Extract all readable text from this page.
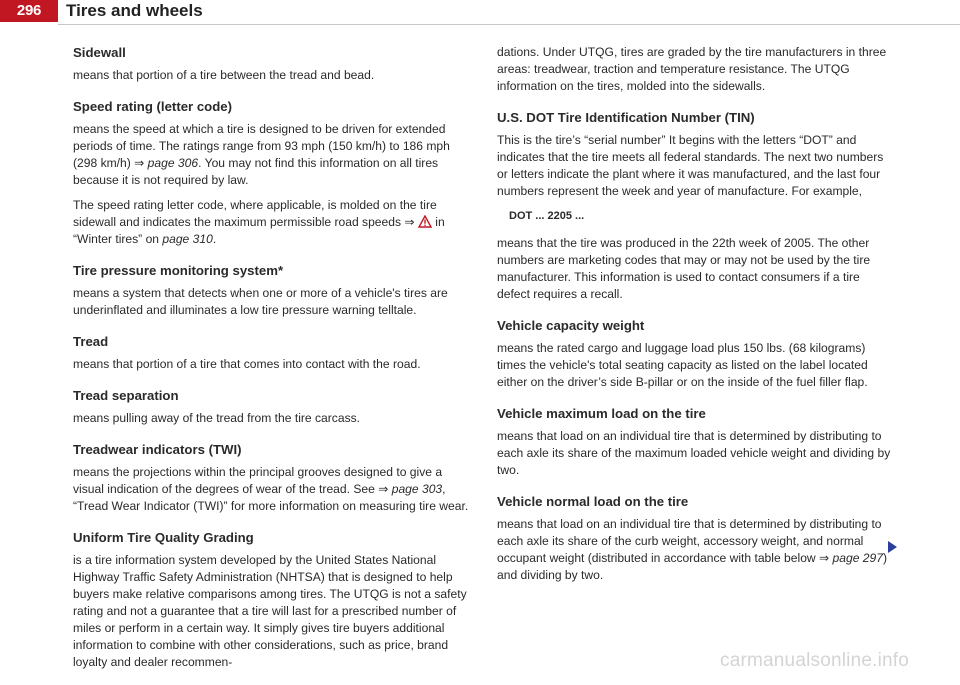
296	Tires and wheels
Sidewall

means that portion of a tire between the tread and bead.

Speed rating (letter code)

means the speed at which a tire is designed to be driven for extended periods of time. The ratings range from 93 mph (150 km/h) to 186 mph (298 km/h) ⇒ page 306. You may not find this information on all tires because it is not required by law.

The speed rating letter code, where applicable, is molded on the tire sidewall and indicates the maximum permissible road speeds ⇒  in “Winter tires” on page 310.

Tire pressure monitoring system*

means a system that detects when one or more of a vehicle's tires are underinflated and illuminates a low tire pressure warning telltale.

Tread

means that portion of a tire that comes into contact with the road.

Tread separation

means pulling away of the tread from the tire carcass.

Treadwear indicators (TWI)

means the projections within the principal grooves designed to give a visual indication of the degrees of wear of the tread. See ⇒ page 303, “Tread Wear Indicator (TWI)” for more information on measuring tire wear.

Uniform Tire Quality Grading

is a tire information system developed by the United States National Highway Traffic Safety Administration (NHTSA) that is designed to help buyers make relative comparisons among tires. The UTQG is not a safety rating and not a guarantee that a tire will last for a prescribed number of miles or perform in a certain way. It simply gives tire buyers additional information to combine with other considerations, such as price, brand loyalty and dealer recommen-

dations. Under UTQG, tires are graded by the tire manufacturers in three areas: treadwear, traction and temperature resistance. The UTQG information on the tires, molded into the sidewalls.

U.S. DOT Tire Identification Number (TIN)

This is the tire’s “serial number” It begins with the letters “DOT” and indicates that the tire meets all federal standards. The next two numbers or letters indicate the plant where it was manufactured, and the last four numbers represent the week and year of manufacture. For example,

DOT ... 2205 ...

means that the tire was produced in the 22th week of 2005. The other numbers are marketing codes that may or may not be used by the tire manufacturer. This information is used to contact consumers if a tire defect requires a recall.

Vehicle capacity weight

means the rated cargo and luggage load plus 150 lbs. (68 kilograms) times the vehicle's total seating capacity as listed on the label located either on the driver’s side B-pillar or on the inside of the fuel filler flap.

Vehicle maximum load on the tire

means that load on an individual tire that is determined by distributing to each axle its share of the maximum loaded vehicle weight and dividing by two.

Vehicle normal load on the tire

means that load on an individual tire that is determined by distributing to each axle its share of the curb weight, accessory weight, and normal occupant weight (distributed in accordance with table below ⇒ page 297) and dividing by two.

carmanualsonline.info
